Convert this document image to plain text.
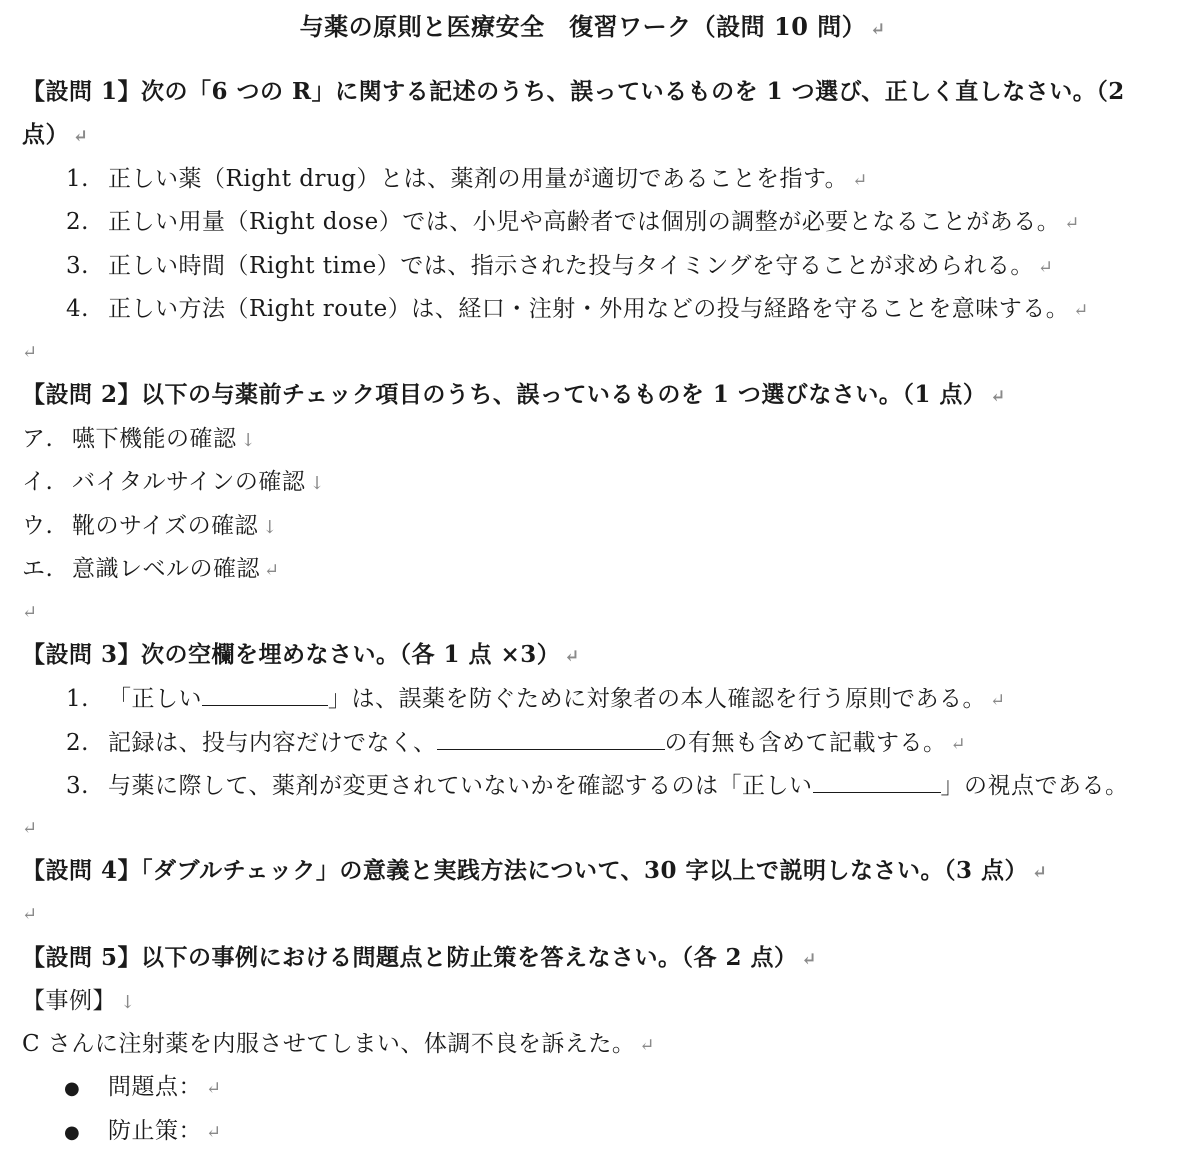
与薬の原則と医療安全　復習ワーク（設問 10 問） ↵
【設問 1】次の「6 つの R」に関する記述のうち、誤っているものを 1 つ選び、正しく直しなさい。（2
点） ↵
1. 正しい薬（Right drug）とは、薬剤の用量が適切であることを指す。 ↵
2. 正しい用量（Right dose）では、小児や高齢者では個別の調整が必要となることがある。 ↵
3. 正しい時間（Right time）では、指示された投与タイミングを守ることが求められる。 ↵
4. 正しい方法（Right route）は、経口・注射・外用などの投与経路を守ることを意味する。 ↵
↵
【設問 2】以下の与薬前チェック項目のうち、誤っているものを 1 つ選びなさい。（1 点） ↵
ア. 嚥下機能の確認 ↓
イ. バイタルサインの確認 ↓
ウ. 靴のサイズの確認 ↓
エ. 意識レベルの確認 ↵
↵
【設問 3】次の空欄を埋めなさい。（各 1 点 ×3） ↵
1. 「正しい	」は、誤薬を防ぐために対象者の本人確認を行う原則である。 ↵
2. 記録は、投与内容だけでなく、	の有無も含めて記載する。 ↵
3. 与薬に際して、薬剤が変更されていないかを確認するのは「正しい	」の視点である。
↵
【設問 4】「ダブルチェック」の意義と実践方法について、30 字以上で説明しなさい。（3 点） ↵
↵
【設問 5】以下の事例における問題点と防止策を答えなさい。（各 2 点） ↵
【事例】 ↓
C さんに注射薬を内服させてしまい、体調不良を訴えた。 ↵
● 問題点： ↵
● 防止策： ↵
